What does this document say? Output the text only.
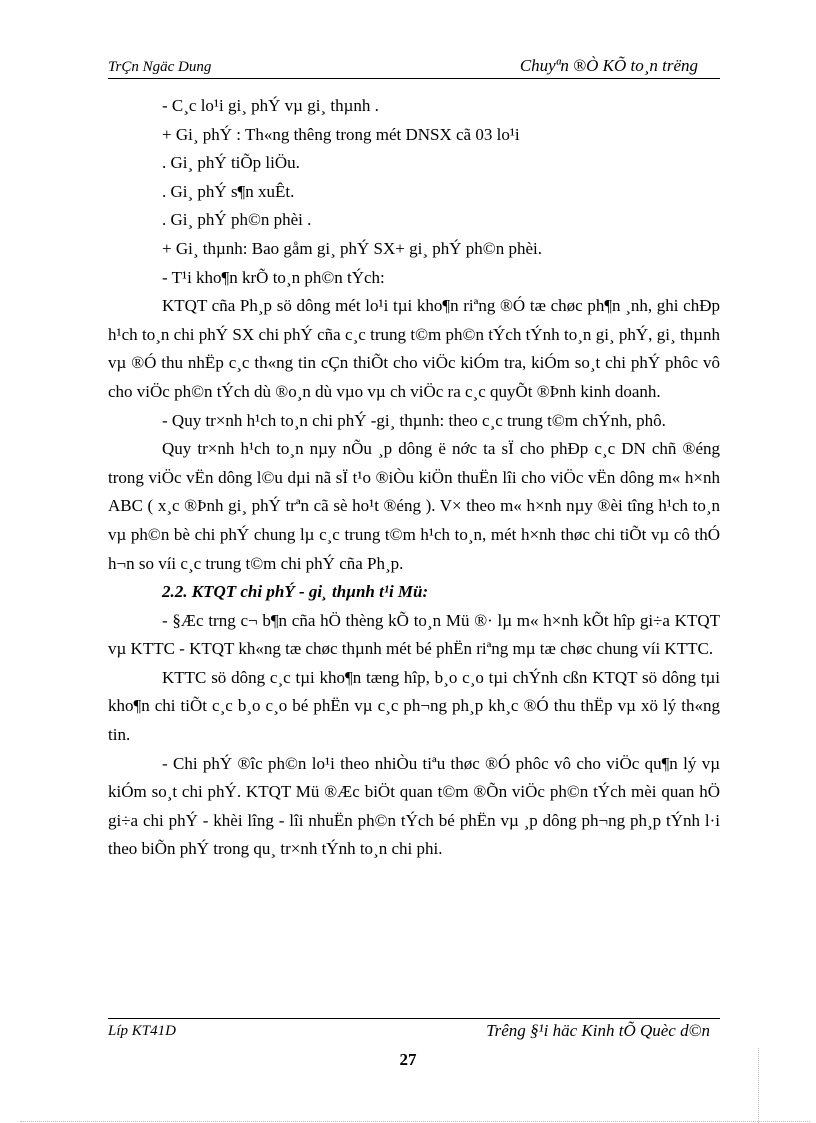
TrÇn Ngäc Dung	Chuyªn ®Ò KÕ to¸n trëng

- C¸c lo¹i gi¸ phÝ vµ gi¸ thµnh .

+ Gi¸ phÝ : Th«ng thêng trong mét DNSX cã 03 lo¹i

. Gi¸ phÝ tiÕp liÖu.

. Gi¸ phÝ s¶n xuÊt.

. Gi¸ phÝ ph©n phèi .

+ Gi¸ thµnh: Bao gåm gi¸ phÝ SX+ gi¸ phÝ ph©n phèi.

- T¹i kho¶n krÕ to¸n ph©n tÝch:

KTQT cña Ph¸p sö dông mét lo¹i tµi kho¶n riªng ®Ó tæ chøc ph¶n ¸nh, ghi chÐp h¹ch to¸n chi phÝ SX chi phÝ cña c¸c trung t©m ph©n tÝch tÝnh to¸n gi¸ phÝ, gi¸ thµnh vµ ®Ó thu nhËp c¸c th«ng tin cÇn thiÕt cho viÖc kiÓm tra, kiÓm so¸t chi phÝ phôc vô cho viÖc ph©n tÝch dù ®o¸n dù vµo vµ ch viÖc ra c¸c quyÕt ®Þnh kinh doanh.

- Quy tr×nh h¹ch to¸n chi phÝ -gi¸ thµnh: theo c¸c trung t©m chÝnh, phô.

Quy tr×nh h¹ch to¸n nµy nÕu ¸p dông ë nớc ta sÏ cho phÐp c¸c DN chñ ®éng trong viÖc vËn dông l©u dµi nã sÏ t¹o ®iÒu kiÖn thuËn lîi cho viÖc vËn dông m« h×nh ABC ( x¸c ®Þnh gi¸ phÝ trªn cã sè ho¹t ®éng ). V× theo m« h×nh nµy ®èi tîng h¹ch to¸n vµ ph©n bè chi phÝ chung lµ c¸c trung t©m h¹ch to¸n, mét h×nh thøc chi tiÕt vµ cô thÓ h¬n so víi c¸c trung t©m chi phÝ cña Ph¸p.

2.2. KTQT chi phÝ - gi¸ thµnh t¹i Mü:

- §Æc trng c¬ b¶n cña hÖ thèng kÕ to¸n Mü ®· lµ m« h×nh kÕt hîp gi÷a KTQT vµ KTTC - KTQT kh«ng tæ chøc thµnh mét bé phËn riªng mµ tæ chøc chung víi KTTC.

KTTC sö dông c¸c tµi kho¶n tæng hîp, b¸o c¸o tµi chÝnh cßn KTQT sö dông tµi kho¶n chi tiÕt c¸c b¸o c¸o bé phËn vµ c¸c ph¬ng ph¸p kh¸c ®Ó thu thËp vµ xö lý th«ng tin.

- Chi phÝ ®îc ph©n lo¹i theo nhiÒu tiªu thøc ®Ó phôc vô cho viÖc qu¶n lý vµ kiÓm so¸t chi phÝ. KTQT Mü ®Æc biÖt quan t©m ®Õn viÖc ph©n tÝch mèi quan hÖ gi÷a chi phÝ - khèi lîng - lîi nhuËn ph©n tÝch bé phËn vµ ¸p dông ph¬ng ph¸p tÝnh l·i theo biÕn phÝ trong qu¸ tr×nh tÝnh to¸n chi phi.

Líp KT41D	Trêng §¹i häc Kinh tÕ Quèc d©n
27
